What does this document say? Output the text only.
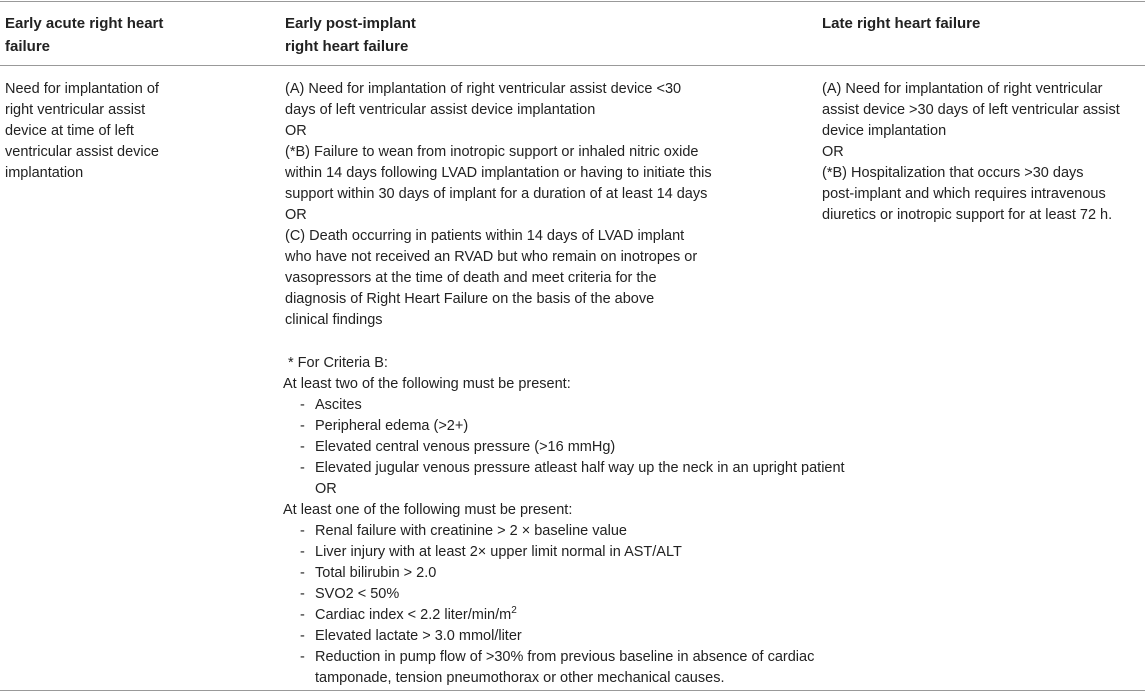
Early acute right heart
failure
Early post-implant
right heart failure
Late right heart failure
Need for implantation of
right ventricular assist
device at time of left
ventricular assist device
implantation
(A) Need for implantation of right ventricular assist device <30
days of left ventricular assist device implantation
OR
(*B) Failure to wean from inotropic support or inhaled nitric oxide
within 14 days following LVAD implantation or having to initiate this
support within 30 days of implant for a duration of at least 14 days
OR
(C) Death occurring in patients within 14 days of LVAD implant
who have not received an RVAD but who remain on inotropes or
vasopressors at the time of death and meet criteria for the
diagnosis of Right Heart Failure on the basis of the above
clinical findings
(A) Need for implantation of right ventricular
assist device >30 days of left ventricular assist
device implantation
OR
(*B) Hospitalization that occurs >30 days
post-implant and which requires intravenous
diuretics or inotropic support for at least 72 h.
* For Criteria B:
At least two of the following must be present:
- Ascites
- Peripheral edema (>2+)
- Elevated central venous pressure (>16 mmHg)
- Elevated jugular venous pressure atleast half way up the neck in an upright patient
OR
At least one of the following must be present:
- Renal failure with creatinine > 2 × baseline value
- Liver injury with at least 2× upper limit normal in AST/ALT
- Total bilirubin > 2.0
- SVO2 < 50%
- Cardiac index < 2.2 liter/$\min/m^2$
- Elevated lactate > 3.0 mmol/liter
- Reduction in pump flow of >30% from previous baseline in absence of cardiac
tamponade, tension pneumothorax or other mechanical causes.
